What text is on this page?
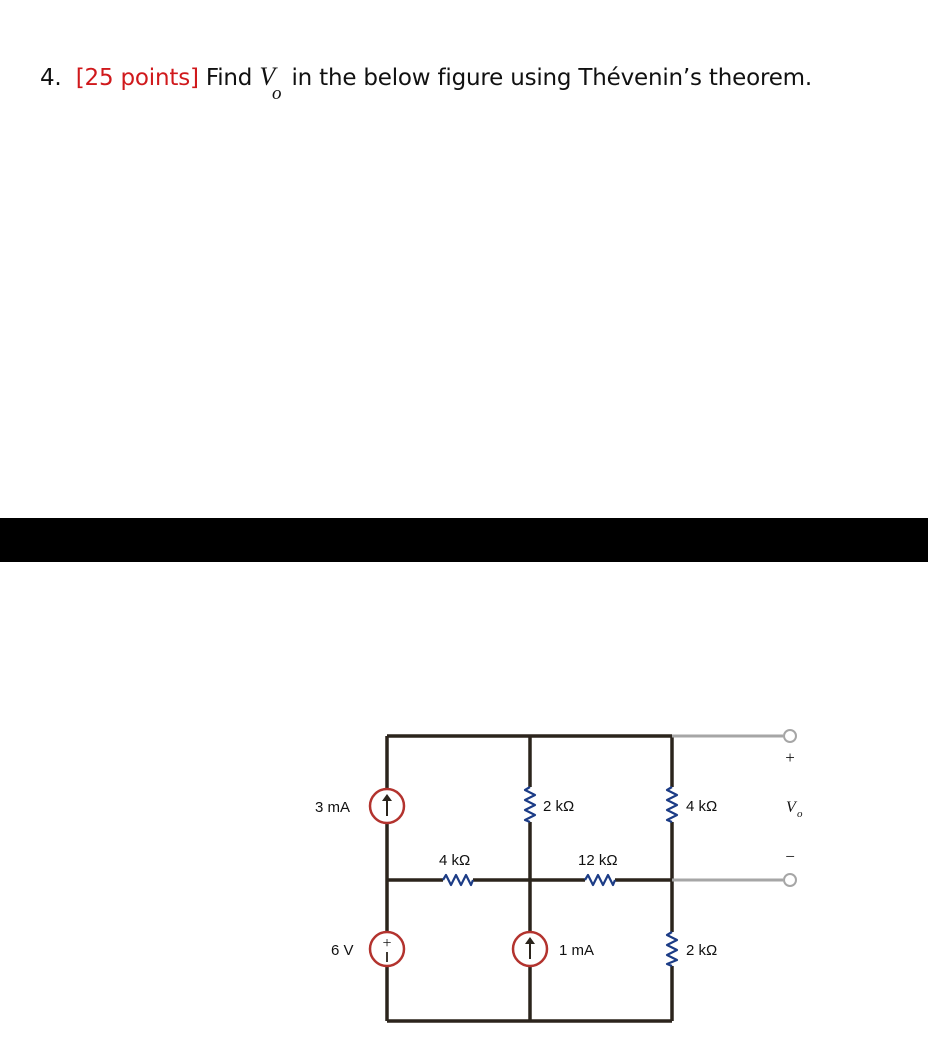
4. [25 points] Find $V_o$ in the below figure using Thévenin’s theorem.
+
3 mA
6 V
4 kΩ
2 kΩ
12 kΩ
1 mA
4 kΩ
2 kΩ
+
V o
−
